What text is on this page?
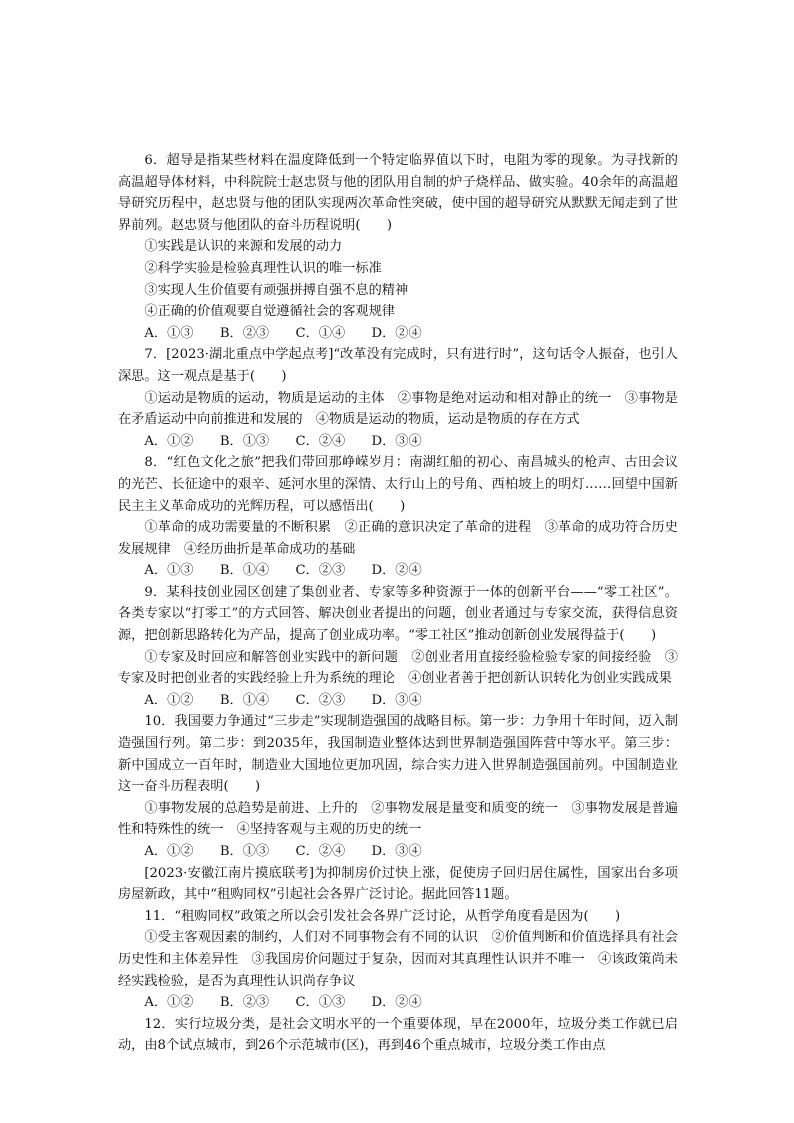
6．超导是指某些材料在温度降低到一个特定临界值以下时，电阻为零的现象。为寻找新的高温超导体材料，中科院院士赵忠贤与他的团队用自制的炉子烧样品、做实验。40余年的高温超导研究历程中，赵忠贤与他的团队实现两次革命性突破，使中国的超导研究从默默无闻走到了世界前列。赵忠贤与他团队的奋斗历程说明(　　)

①实践是认识的来源和发展的动力

②科学实验是检验真理性认识的唯一标准

③实现人生价值要有顽强拼搏自强不息的精神

④正确的价值观要自觉遵循社会的客观规律

A．①③　　B．②③　　C．①④　　D．②④

7．[2023·湖北重点中学起点考]“改革没有完成时，只有进行时”，这句话令人振奋，也引人深思。这一观点是基于(　　)

①运动是物质的运动，物质是运动的主体　②事物是绝对运动和相对静止的统一　③事物是在矛盾运动中向前推进和发展的　④物质是运动的物质，运动是物质的存在方式

A．①②　　B．①③　　C．②④　　D．③④

8．“红色文化之旅”把我们带回那峥嵘岁月：南湖红船的初心、南昌城头的枪声、古田会议的光芒、长征途中的艰辛、延河水里的深情、太行山上的号角、西柏坡上的明灯……回望中国新民主主义革命成功的光辉历程，可以感悟出(　　)

①革命的成功需要量的不断积累　②正确的意识决定了革命的进程　③革命的成功符合历史发展规律　④经历曲折是革命成功的基础

A．①③　　B．①④　　C．②③　　D．②④

9．某科技创业园区创建了集创业者、专家等多种资源于一体的创新平台——“零工社区”。各类专家以“打零工”的方式回答、解决创业者提出的问题，创业者通过与专家交流，获得信息资源，把创新思路转化为产品，提高了创业成功率。“零工社区”推动创新创业发展得益于(　　)

①专家及时回应和解答创业实践中的新问题　②创业者用直接经验检验专家的间接经验　③专家及时把创业者的实践经验上升为系统的理论　④创业者善于把创新认识转化为创业实践成果

A．①②　　B．①④　　C．②③　　D．③④

10．我国要力争通过“三步走”实现制造强国的战略目标。第一步：力争用十年时间，迈入制造强国行列。第二步：到2035年，我国制造业整体达到世界制造强国阵营中等水平。第三步：新中国成立一百年时，制造业大国地位更加巩固，综合实力进入世界制造强国前列。中国制造业这一奋斗历程表明(　　)

①事物发展的总趋势是前进、上升的　②事物发展是量变和质变的统一　③事物发展是普遍性和特殊性的统一　④坚持客观与主观的历史的统一

A．①②　　B．①③　　C．②④　　D．③④

[2023·安徽江南片摸底联考]为抑制房价过快上涨，促使房子回归居住属性，国家出台多项房屋新政，其中“租购同权”引起社会各界广泛讨论。据此回答11题。

11．“租购同权”政策之所以会引发社会各界广泛讨论，从哲学角度看是因为(　　)

①受主客观因素的制约，人们对不同事物会有不同的认识　②价值判断和价值选择具有社会历史性和主体差异性　③我国房价问题过于复杂，因而对其真理性认识并不唯一　④该政策尚未经实践检验，是否为真理性认识尚存争议

A．①②　　B．②③　　C．①③　　D．②④

12．实行垃圾分类，是社会文明水平的一个重要体现，早在2000年，垃圾分类工作就已启动，由8个试点城市，到26个示范城市(区)，再到46个重点城市，垃圾分类工作由点
